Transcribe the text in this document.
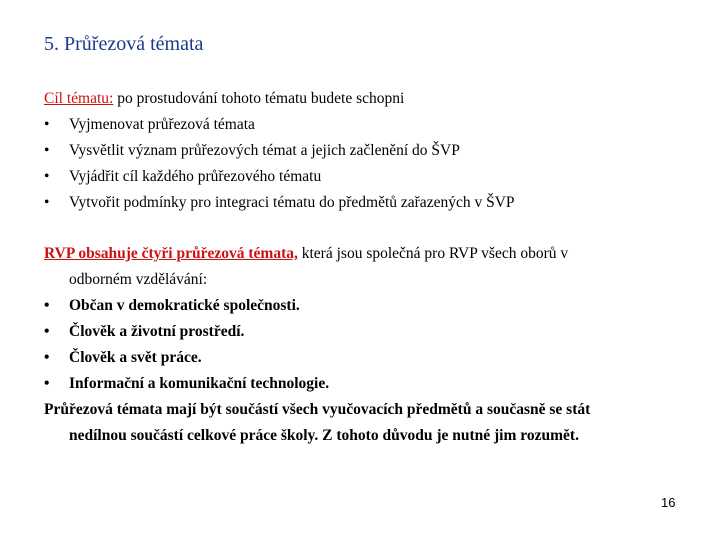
5. Průřezová témata
Cíl tématu: po prostudování tohoto tématu budete schopni
•	Vyjmenovat průřezová témata
•	Vysvětlit význam průřezových témat a jejich začlenění do ŠVP
•	Vyjádřit cíl každého průřezového tématu
•	Vytvořit podmínky pro integraci tématu do předmětů zařazených v ŠVP
RVP obsahuje čtyři průřezová témata, která jsou společná pro RVP všech oborů v
odborném vzdělávání:
•	Občan v demokratické společnosti.
•	Člověk a životní prostředí.
•	Člověk a svět práce.
•	Informační a komunikační technologie.
Průřezová témata mají být součástí všech vyučovacích předmětů a současně se stát
nedílnou součástí celkové práce školy. Z tohoto důvodu je nutné jim rozumět.
16
